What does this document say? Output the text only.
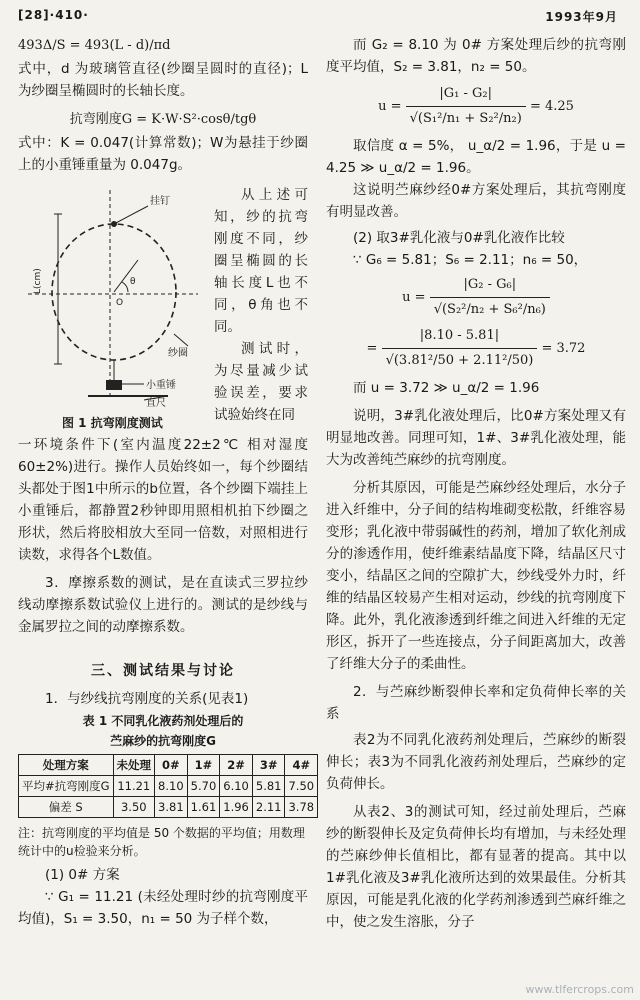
[28]·410·	1993年9月

493Δ/S = 493(L - d)/πd

式中，d 为玻璃管直径(纱圈呈圆时的直径)；L 为纱圈呈椭圆时的长轴长度。

抗弯刚度G = K·W·S²·cosθ/tgθ

式中：K = 0.047(计算常数)；W为悬挂于纱圈上的小重锤重量为 0.047g。

挂钉
纱圈
小重锤
直尺
L(cm)
O
θ

从上述可知，纱的抗弯刚度不同，纱圈呈椭圆的长轴长度L也不同，θ角也不同。

测试时，为尽量减少试验误差，要求试验始终在同

图 1 抗弯刚度测试

一环境条件下(室内温度22±2℃ 相对湿度60±2%)进行。操作人员始终如一，每个纱圈结头都处于图1中所示的b位置，各个纱圈下端挂上小重锤后，都静置2秒钟即用照相机拍下纱圈之形状，然后将胶相放大至同一倍数，对照相进行读数，求得各个L数值。

3．摩擦系数的测试，是在直读式三罗拉纱线动摩擦系数试验仪上进行的。测试的是纱线与金属罗拉之间的动摩擦系数。

三、测试结果与讨论

1．与纱线抗弯刚度的关系(见表1)

表 1 不同乳化液药剂处理后的
苎麻纱的抗弯刚度G
处理方案	未处理	0#	1#	2#	3#	4#
平均#抗弯刚度G	11.21	8.10	5.70	6.10	5.81	7.50
偏差 S	3.50	3.81	1.61	1.96	2.11	3.78

注：抗弯刚度的平均值是 50 个数据的平均值；用数理统计中的u检验来分析。

(1) 0# 方案

∵ G₁ = 11.21 (未经处理时纱的抗弯刚度平均值)，S₁ = 3.50，n₁ = 50 为子样个数，

而 G₂ = 8.10 为 0# 方案处理后纱的抗弯刚度平均值，S₂ = 3.81，n₂ = 50。

$u = \frac{\text{|G₁ - G₂|}}{\text{√(S₁²/n₁ + S₂²/n₂)}} = 4.25$

取信度 α = 5%， u_α/2 = 1.96，于是 u = 4.25 ≫ u_α/2 = 1.96。

这说明苎麻纱经0#方案处理后，其抗弯刚度有明显改善。

(2) 取3#乳化液与0#乳化液作比较

∵ G₆ = 5.81；S₆ = 2.11；n₆ = 50，

$u = \frac{\text{|G₂ - G₆|}}{\text{√(S₂²/n₂ + S₆²/n₆)}}$
= $\frac{|8.10 - 5.81|}{\text{√(3.81²/50 + 2.11²/50)}} = 3.72$

而 u = 3.72 ≫ u_α/2 = 1.96

说明，3#乳化液处理后，比0#方案处理又有明显地改善。同理可知，1#、3#乳化液处理，能大为改善纯苎麻纱的抗弯刚度。

分析其原因，可能是苎麻纱经处理后，水分子进入纤维中，分子间的结构堆砌变松散，纤维容易变形；乳化液中带弱碱性的药剂，增加了软化剂成分的渗透作用，使纤维素结晶度下降，结晶区尺寸变小，结晶区之间的空隙扩大，纱线受外力时，纤维的结晶区较易产生相对运动，纱线的抗弯刚度下降。此外，乳化液渗透到纤维之间进入纤维的无定形区，拆开了一些连接点，分子间距离加大，改善了纤维大分子的柔曲性。

2．与苎麻纱断裂伸长率和定负荷伸长率的关系

表2为不同乳化液药剂处理后，苎麻纱的断裂伸长；表3为不同乳化液药剂处理后，苎麻纱的定负荷伸长。

从表2、3的测试可知，经过前处理后，苎麻纱的断裂伸长及定负荷伸长均有增加，与未经处理的苎麻纱伸长值相比，都有显著的提高。其中以1#乳化液及3#乳化液所达到的效果最佳。分析其原因，可能是乳化液的化学药剂渗透到苎麻纤维之中，使之发生溶胀，分子

www.tlfercrops.com
